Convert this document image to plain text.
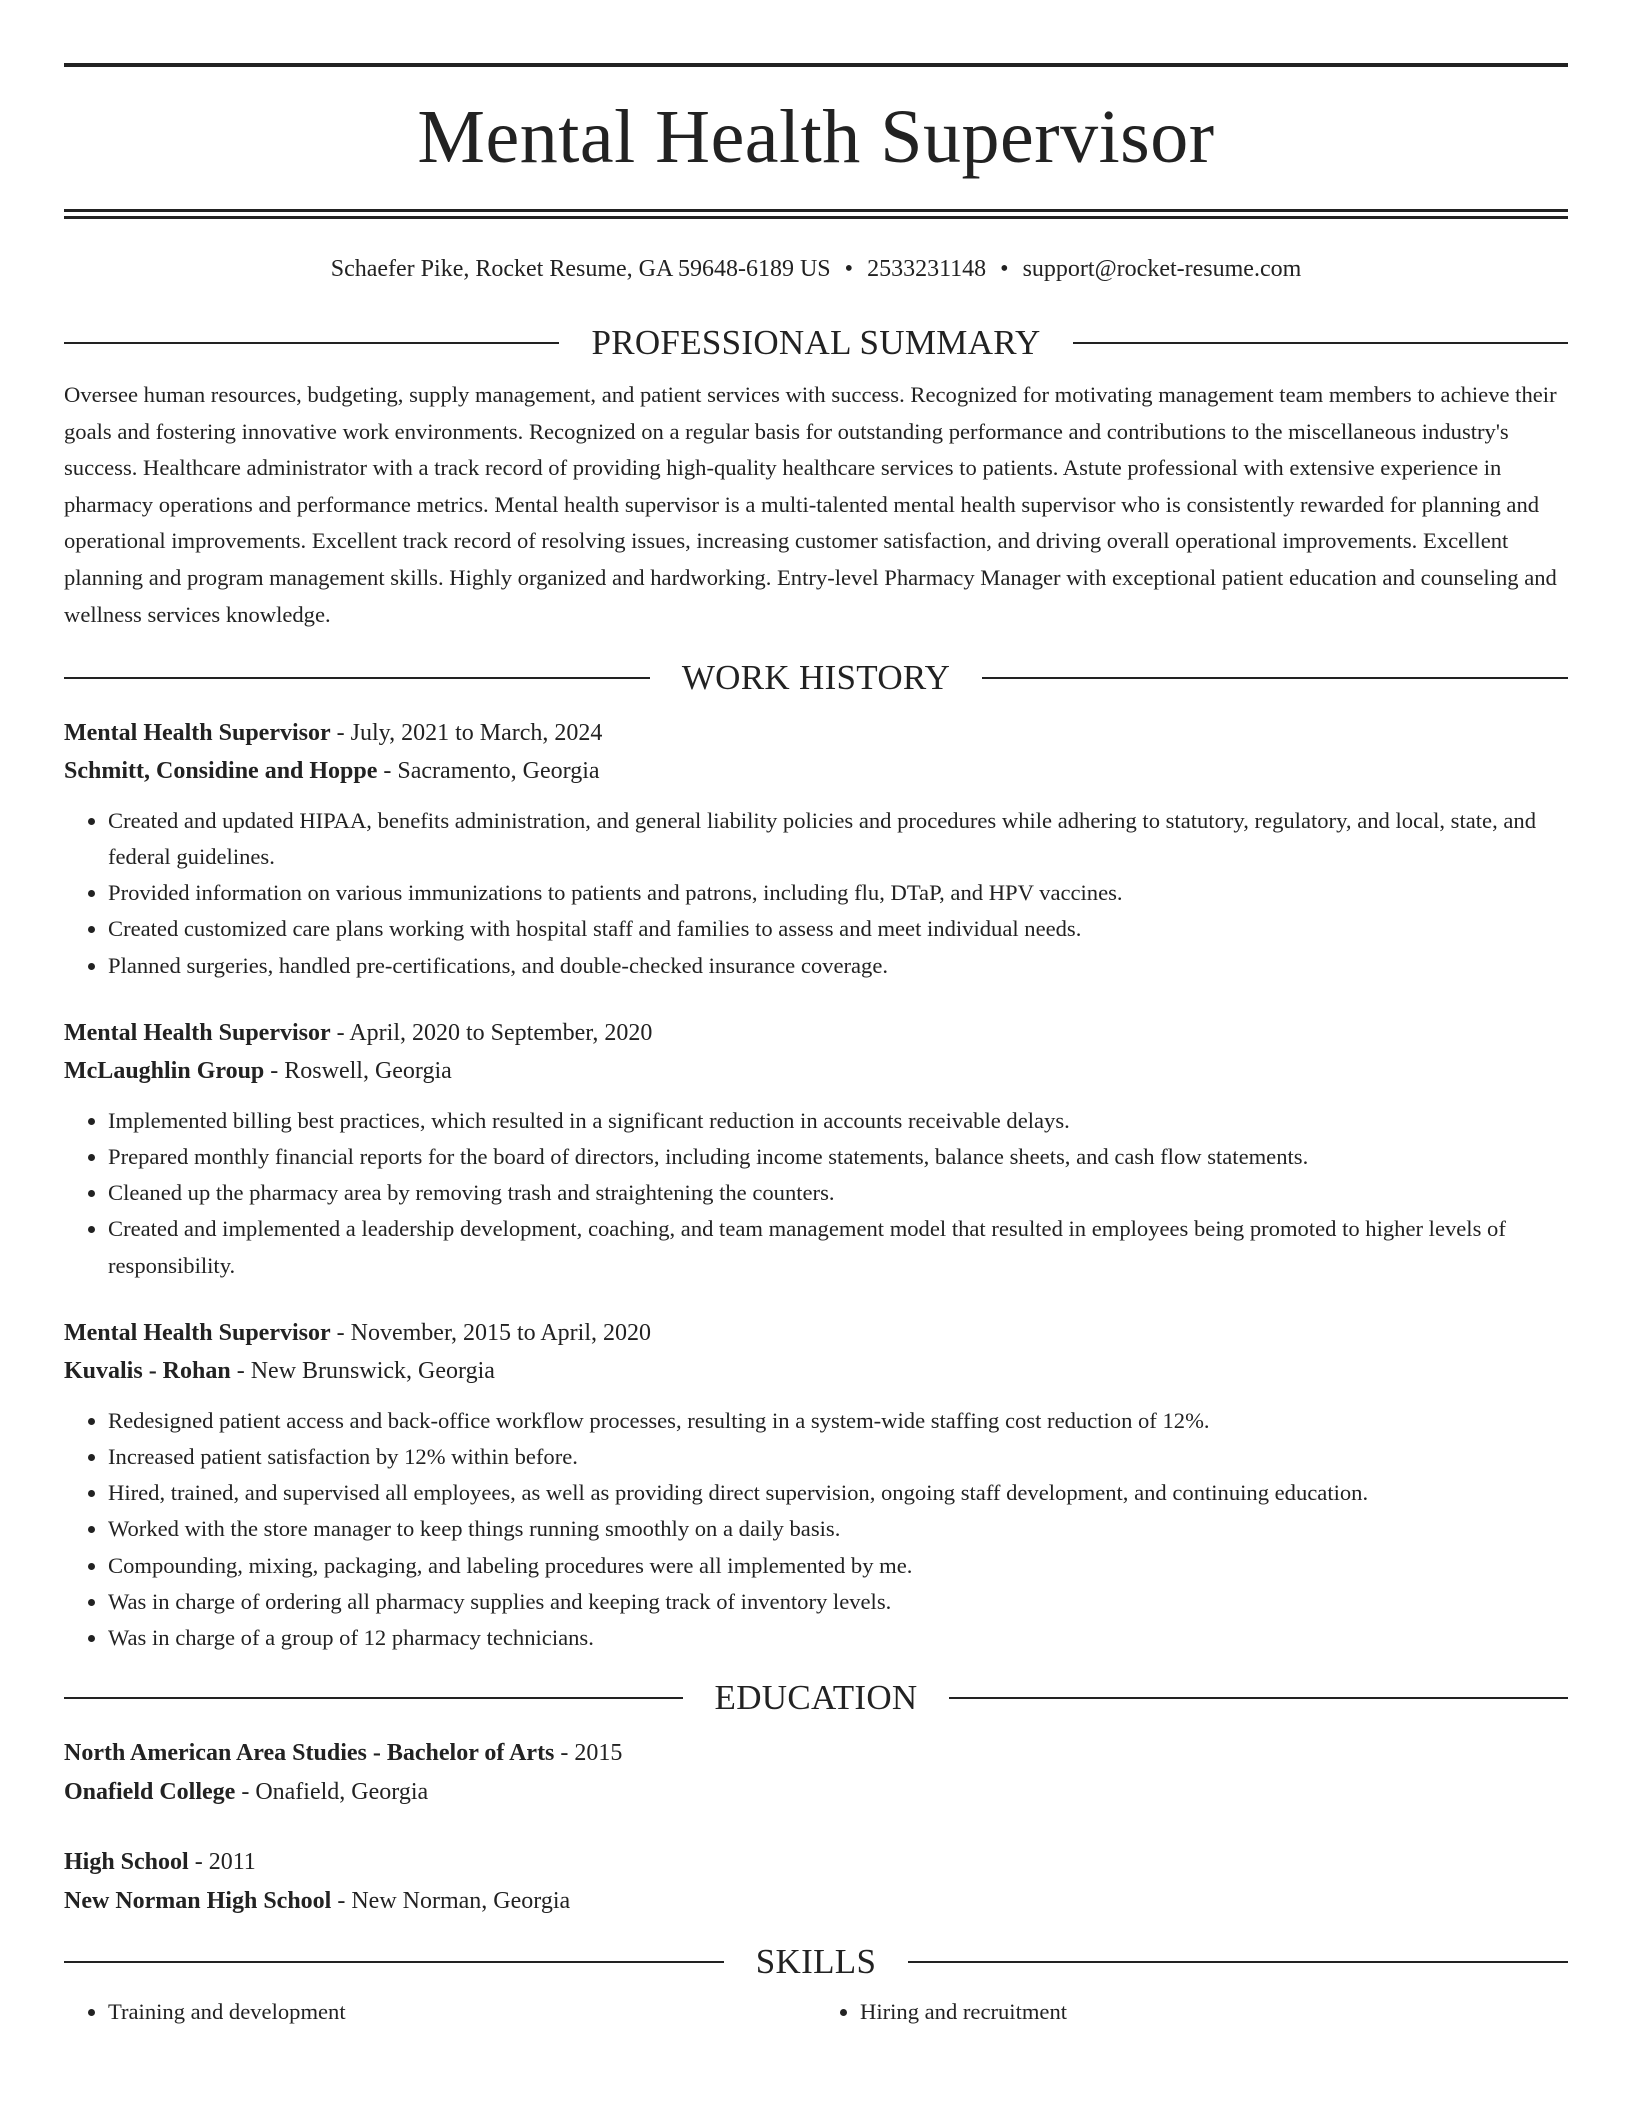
Mental Health Supervisor
Schaefer Pike, Rocket Resume, GA 59648-6189 US • 2533231148 • support@rocket-resume.com
PROFESSIONAL SUMMARY

Oversee human resources, budgeting, supply management, and patient services with success. Recognized for motivating management team members to achieve their goals and fostering innovative work environments. Recognized on a regular basis for outstanding performance and contributions to the miscellaneous industry's success. Healthcare administrator with a track record of providing high-quality healthcare services to patients. Astute professional with extensive experience in pharmacy operations and performance metrics. Mental health supervisor is a multi-talented mental health supervisor who is consistently rewarded for planning and operational improvements. Excellent track record of resolving issues, increasing customer satisfaction, and driving overall operational improvements. Excellent planning and program management skills. Highly organized and hardworking. Entry-level Pharmacy Manager with exceptional patient education and counseling and wellness services knowledge.

WORK HISTORY
Mental Health Supervisor - July, 2021 to March, 2024
Schmitt, Considine and Hoppe - Sacramento, Georgia
• Created and updated HIPAA, benefits administration, and general liability policies and procedures while adhering to statutory, regulatory, and local, state, and federal guidelines.
• Provided information on various immunizations to patients and patrons, including flu, DTaP, and HPV vaccines.
• Created customized care plans working with hospital staff and families to assess and meet individual needs.
• Planned surgeries, handled pre-certifications, and double-checked insurance coverage.
Mental Health Supervisor - April, 2020 to September, 2020
McLaughlin Group - Roswell, Georgia
• Implemented billing best practices, which resulted in a significant reduction in accounts receivable delays.
• Prepared monthly financial reports for the board of directors, including income statements, balance sheets, and cash flow statements.
• Cleaned up the pharmacy area by removing trash and straightening the counters.
• Created and implemented a leadership development, coaching, and team management model that resulted in employees being promoted to higher levels of responsibility.
Mental Health Supervisor - November, 2015 to April, 2020
Kuvalis - Rohan - New Brunswick, Georgia
• Redesigned patient access and back-office workflow processes, resulting in a system-wide staffing cost reduction of 12%.
• Increased patient satisfaction by 12% within before.
• Hired, trained, and supervised all employees, as well as providing direct supervision, ongoing staff development, and continuing education.
• Worked with the store manager to keep things running smoothly on a daily basis.
• Compounding, mixing, packaging, and labeling procedures were all implemented by me.
• Was in charge of ordering all pharmacy supplies and keeping track of inventory levels.
• Was in charge of a group of 12 pharmacy technicians.
EDUCATION
North American Area Studies - Bachelor of Arts - 2015
Onafield College - Onafield, Georgia
High School - 2011
New Norman High School - New Norman, Georgia
SKILLS
• Training and development
•	Hiring and recruitment
